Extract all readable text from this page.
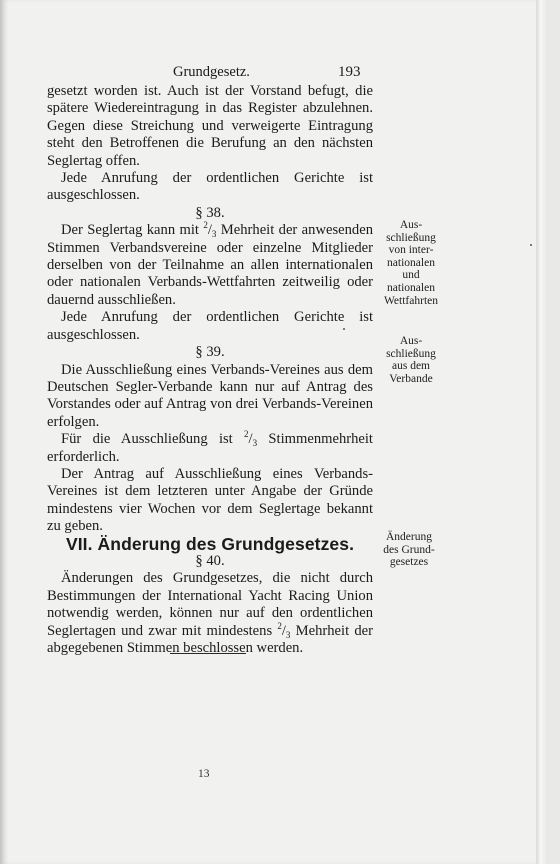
Grundgesetz.	193

gesetzt worden ist. Auch ist der Vorstand befugt, die spätere Wiedereintragung in das Register abzulehnen. Gegen diese Streichung und verweigerte Eintragung steht den Betroffenen die Berufung an den nächsten Seglertag offen.

Jede Anrufung der ordentlichen Gerichte ist ausgeschlossen.

§ 38.

Der Seglertag kann mit $^2/_3$ Mehrheit der anwesenden Stimmen Verbandsvereine oder einzelne Mitglieder derselben von der Teilnahme an allen internationalen oder nationalen Verbands-Wettfahrten zeitweilig oder dauernd ausschließen.

Jede Anrufung der ordentlichen Gerichte ist ausgeschlossen.

§ 39.

Die Ausschließung eines Verbands-Vereines aus dem Deutschen Segler-Verbande kann nur auf Antrag des Vorstandes oder auf Antrag von drei Verbands-Vereinen erfolgen.

Für die Ausschließung ist $^2/_3$ Stimmenmehrheit erforderlich.

Der Antrag auf Ausschließung eines Verbands-Vereines ist dem letzteren unter Angabe der Gründe mindestens vier Wochen vor dem Seglertage bekannt zu geben.

VII. Änderung des Grundgesetzes.

§ 40.

Änderungen des Grundgesetzes, die nicht durch Bestimmungen der International Yacht Racing Union notwendig werden, können nur auf den ordentlichen Seglertagen und zwar mit mindestens $^2/_3$ Mehrheit der abgegebenen Stimmen beschlossen werden.

Aus-
schließung
von inter-
nationalen
und
nationalen
Wettfahrten
Aus-
schließung
aus dem
Verbande
Änderung
des Grund-
gesetzes
13
